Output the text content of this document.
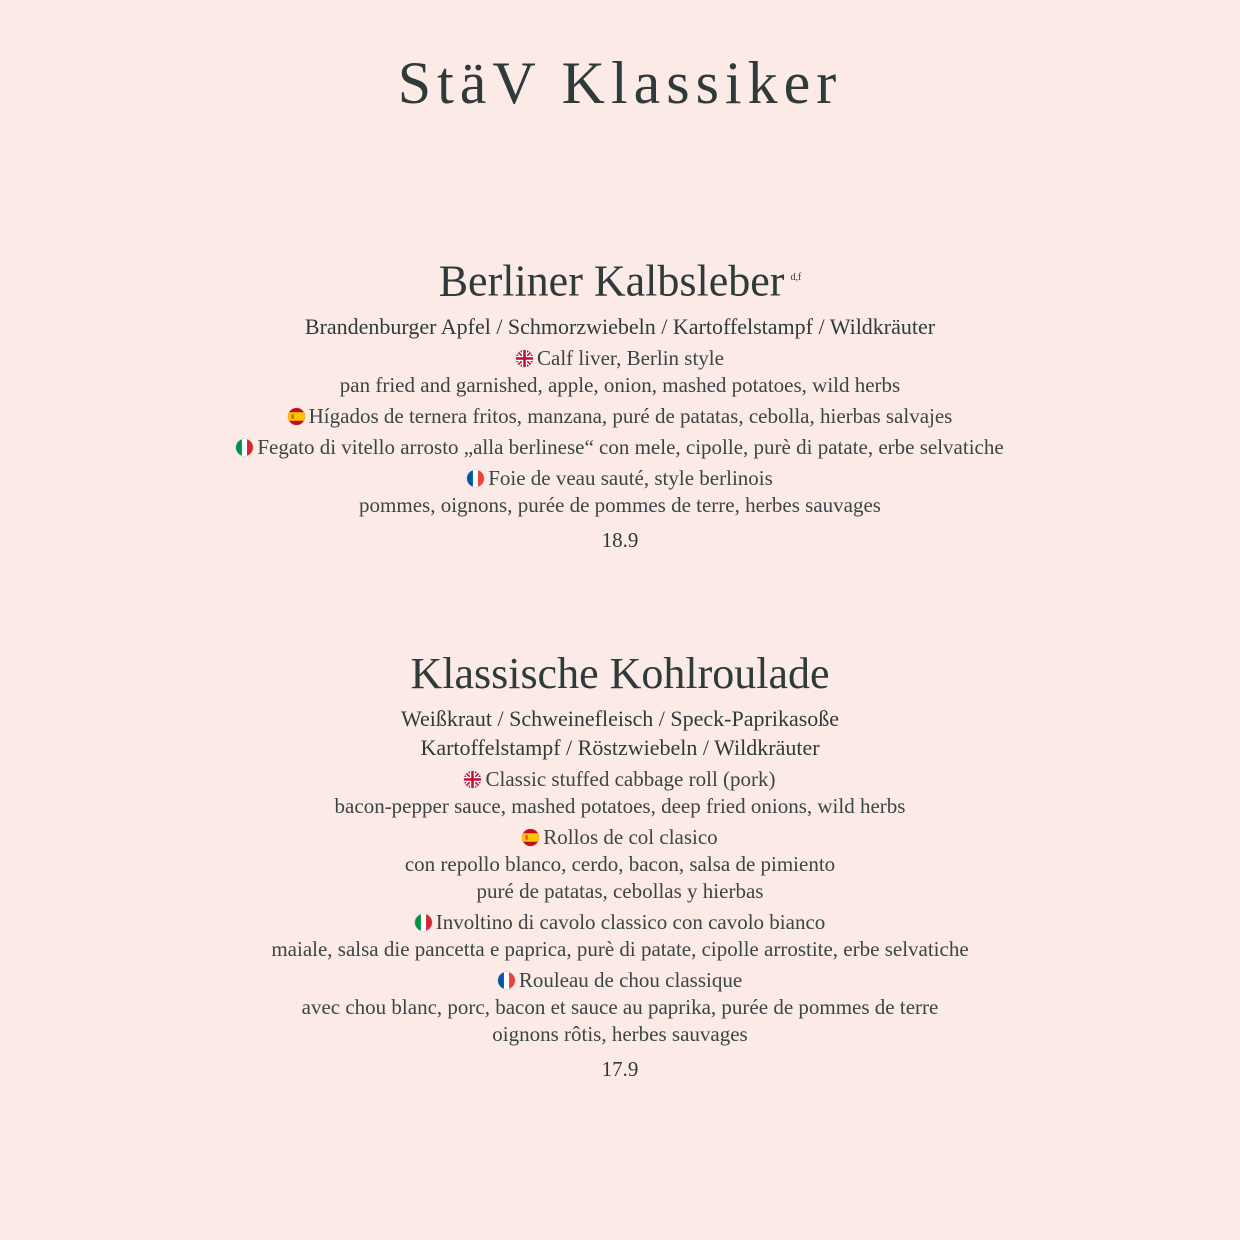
StäV Klassiker
Berliner Kalbsleber $^{d,f}$
Brandenburger Apfel / Schmorzwiebeln / Kartoffelstampf / Wildkräuter
Calf liver, Berlin style
pan fried and garnished, apple, onion, mashed potatoes, wild herbs
Hígados de ternera fritos, manzana, puré de patatas, cebolla, hierbas salvajes
Fegato di vitello arrosto „alla berlinese“ con mele, cipolle, purè di patate, erbe selvatiche
Foie de veau sauté, style berlinois
pommes, oignons, purée de pommes de terre, herbes sauvages
18.9
Klassische Kohlroulade
Weißkraut / Schweinefleisch / Speck-Paprikasoße
Kartoffelstampf / Röstzwiebeln / Wildkräuter
Classic stuffed cabbage roll (pork)
bacon-pepper sauce, mashed potatoes, deep fried onions, wild herbs
Rollos de col clasico
con repollo blanco, cerdo, bacon, salsa de pimiento
puré de patatas, cebollas y hierbas
Involtino di cavolo classico con cavolo bianco
maiale, salsa die pancetta e paprica, purè di patate, cipolle arrostite, erbe selvatiche
Rouleau de chou classique
avec chou blanc, porc, bacon et sauce au paprika, purée de pommes de terre
oignons rôtis, herbes sauvages
17.9
